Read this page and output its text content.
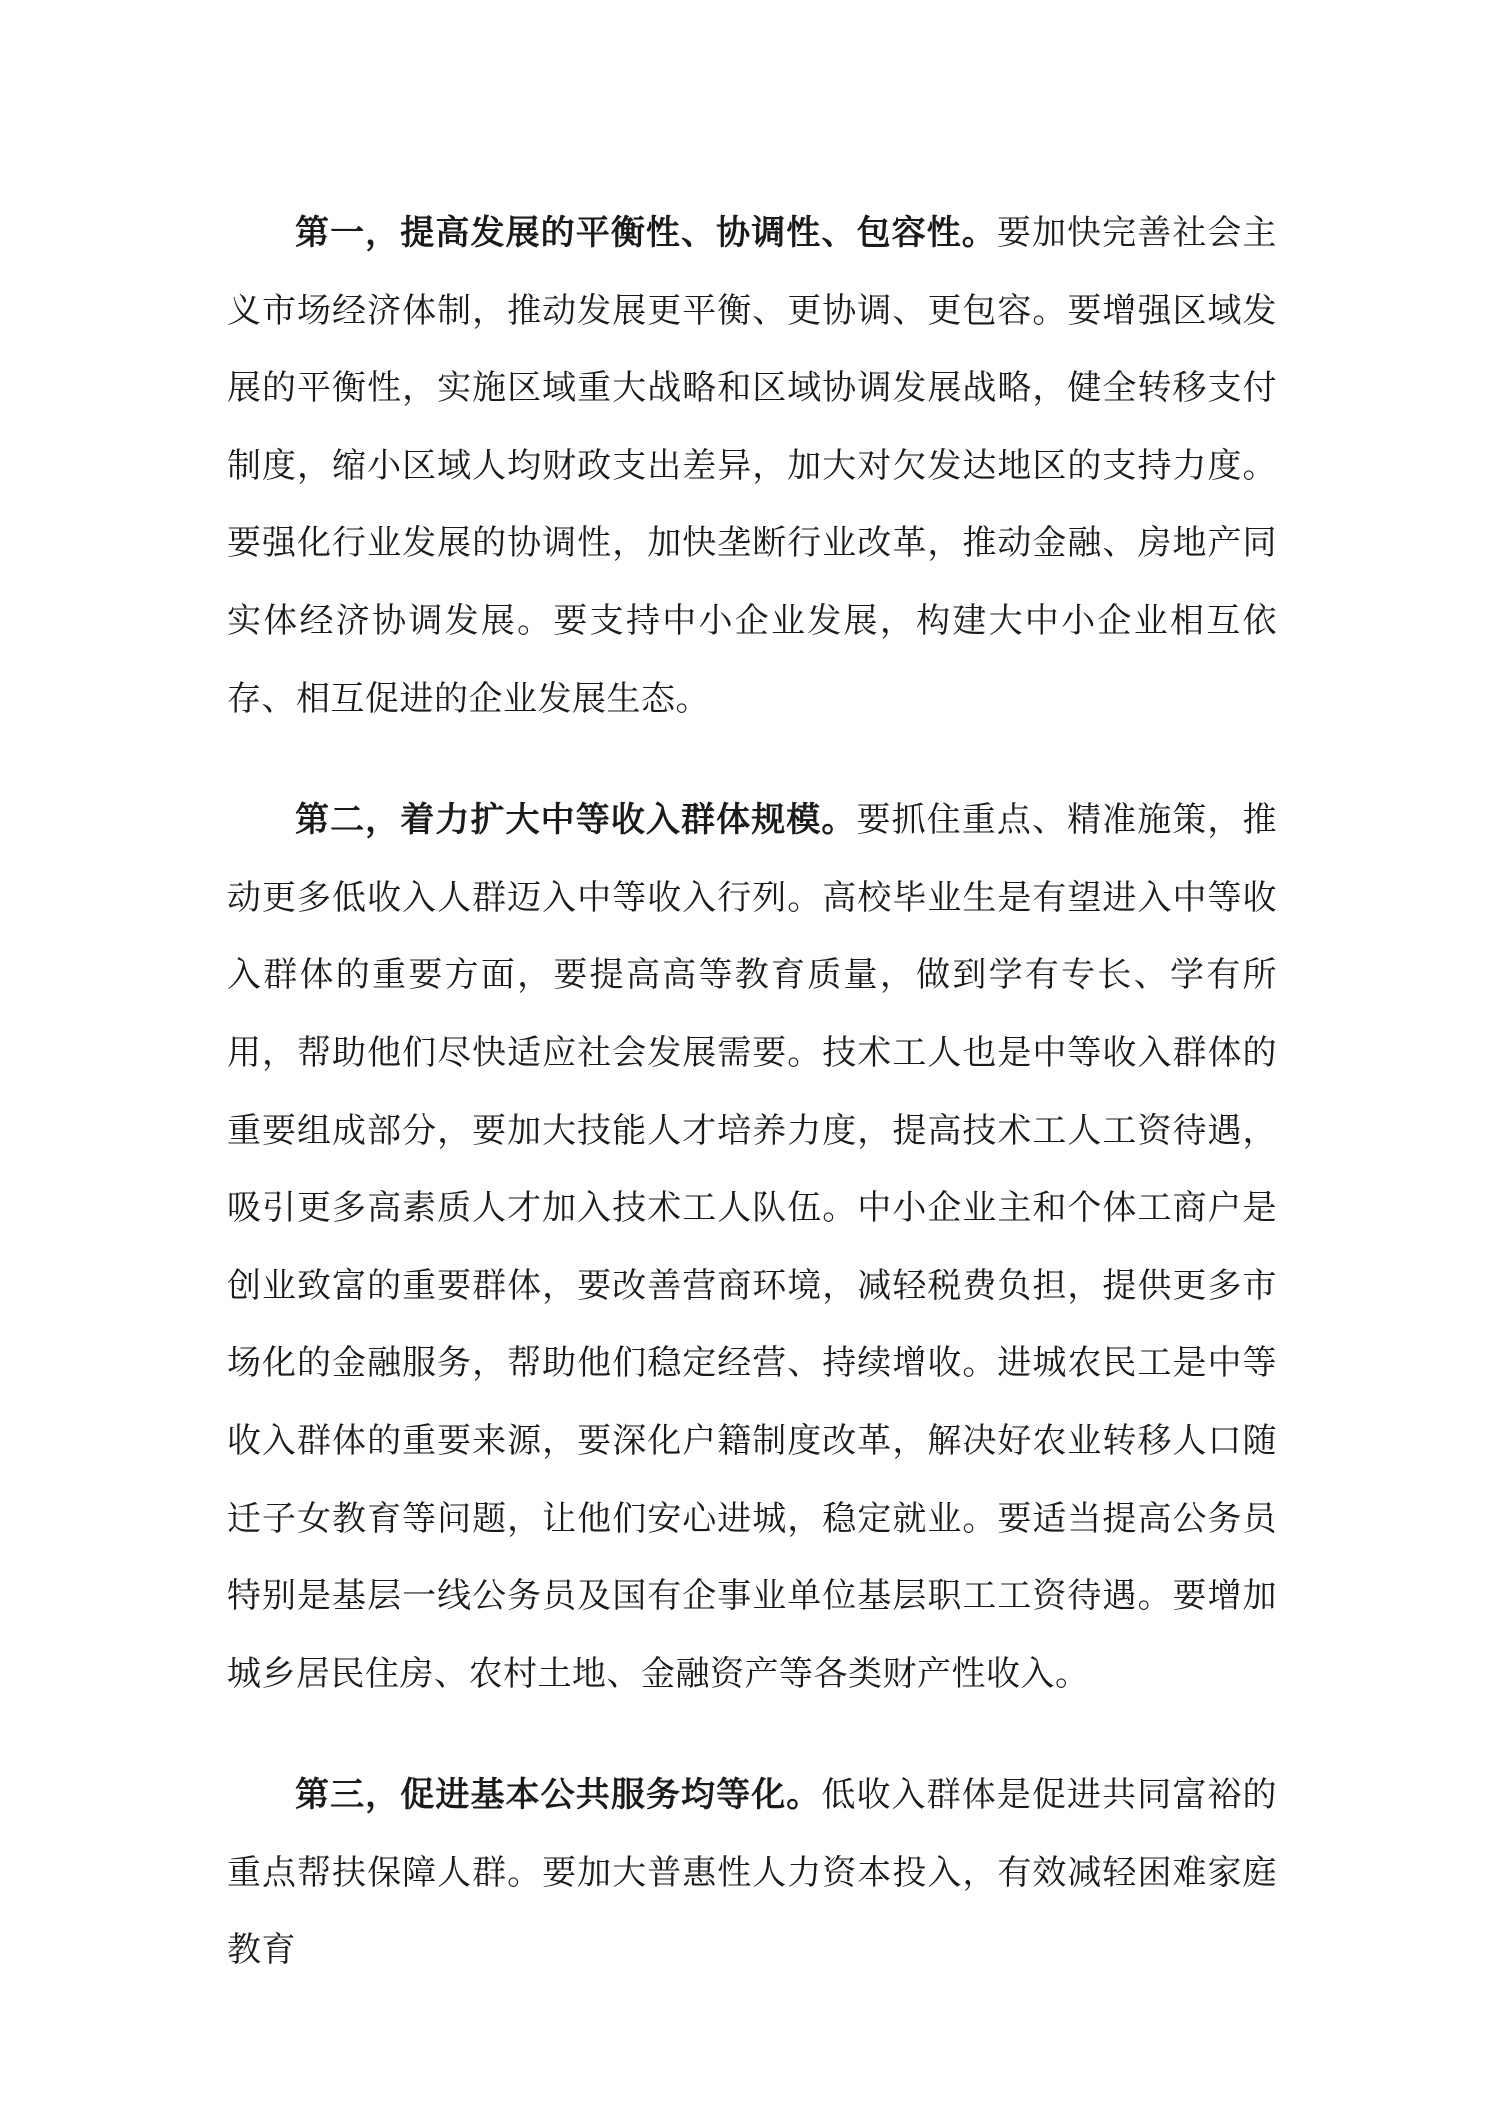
第一，提高发展的平衡性、协调性、包容性。要加快完善社会主义市场经济体制，推动发展更平衡、更协调、更包容。要增强区域发展的平衡性，实施区域重大战略和区域协调发展战略，健全转移支付制度，缩小区域人均财政支出差异，加大对欠发达地区的支持力度。要强化行业发展的协调性，加快垄断行业改革，推动金融、房地产同实体经济协调发展。要支持中小企业发展，构建大中小企业相互依存、相互促进的企业发展生态。

第二，着力扩大中等收入群体规模。要抓住重点、精准施策，推动更多低收入人群迈入中等收入行列。高校毕业生是有望进入中等收入群体的重要方面，要提高高等教育质量，做到学有专长、学有所用，帮助他们尽快适应社会发展需要。技术工人也是中等收入群体的重要组成部分，要加大技能人才培养力度，提高技术工人工资待遇，吸引更多高素质人才加入技术工人队伍。中小企业主和个体工商户是创业致富的重要群体，要改善营商环境，减轻税费负担，提供更多市场化的金融服务，帮助他们稳定经营、持续增收。进城农民工是中等收入群体的重要来源，要深化户籍制度改革，解决好农业转移人口随迁子女教育等问题，让他们安心进城，稳定就业。要适当提高公务员特别是基层一线公务员及国有企事业单位基层职工工资待遇。要增加城乡居民住房、农村土地、金融资产等各类财产性收入。

第三，促进基本公共服务均等化。低收入群体是促进共同富裕的重点帮扶保障人群。要加大普惠性人力资本投入，有效减轻困难家庭教育
